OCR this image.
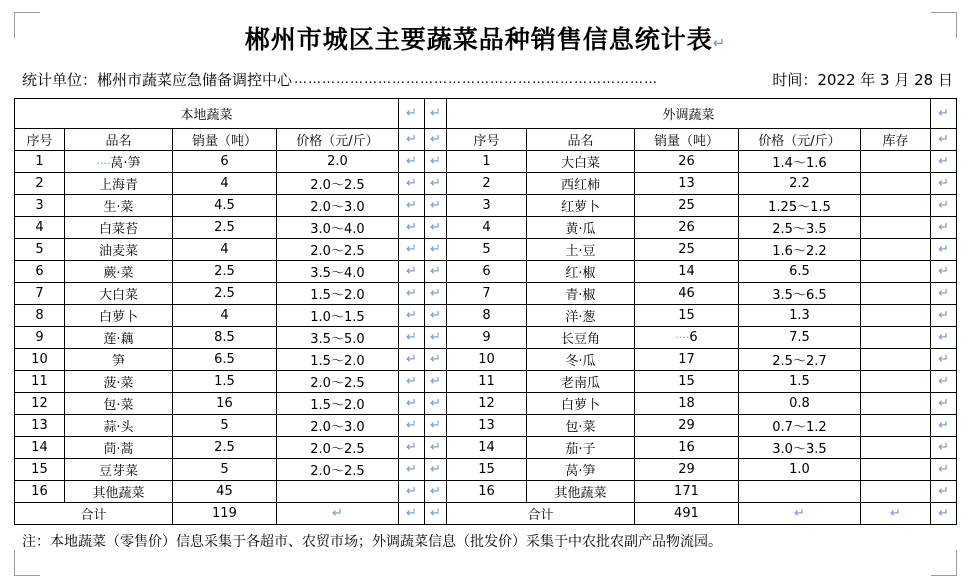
郴州市城区主要蔬菜品种销售信息统计表↵
统计单位：郴州市蔬菜应急储备调控中心 ……………………………………………………………………	时间：2022 年 3 月 28 日
本地蔬菜				↵	↵	外调蔬菜					↵
序号	品名	销量（吨）	价格（元/斤）	↵	↵	序号	品名	销量（吨）	价格（元/斤）	库存	↵
1	····莴·笋	6	2.0	↵	↵	1	大白菜	26	1.4～1.6		↵
2	上海青	4	2.0～2.5	↵	↵	2	西红柿	13	2.2		↵
3	生·菜	4.5	2.0～3.0	↵	↵	3	红萝卜	25	1.25～1.5		↵
4	白菜苔	2.5	3.0～4.0	↵	↵	4	黄·瓜	26	2.5～3.5		↵
5	油麦菜	4	2.0～2.5	↵	↵	5	土·豆	25	1.6～2.2		↵
6	蕨·菜	2.5	3.5～4.0	↵	↵	6	红·椒	14	6.5		↵
7	大白菜	2.5	1.5～2.0	↵	↵	7	青·椒	46	3.5～6.5		↵
8	白萝卜	4	1.0～1.5	↵	↵	8	洋·葱	15	1.3		↵
9	莲·藕	8.5	3.5～5.0	↵	↵	9	长豆角	····6	7.5		↵
10	笋	6.5	1.5～2.0	↵	↵	10	冬·瓜	17	2.5～2.7		↵
11	菠·菜	1.5	2.0～2.5	↵	↵	11	老南瓜	15	1.5		↵
12	包·菜	16	1.5～2.0	↵	↵	12	白萝卜	18	0.8		↵
13	蒜·头	5	2.0～3.0	↵	↵	13	包·菜	29	0.7～1.2		↵
14	茼·蒿	2.5	2.0～2.5	↵	↵	14	茄·子	16	3.0～3.5		↵
15	豆芽菜	5	2.0～2.5	↵	↵	15	莴·笋	29	1.0		↵
16	其他蔬菜	45		↵	↵	16	其他蔬菜	171			↵
合计		119	↵	↵	↵	合计		491	↵	↵	↵
注：本地蔬菜（零售价）信息采集于各超市、农贸市场；外调蔬菜信息（批发价）采集于中农批农副产品物流园。
